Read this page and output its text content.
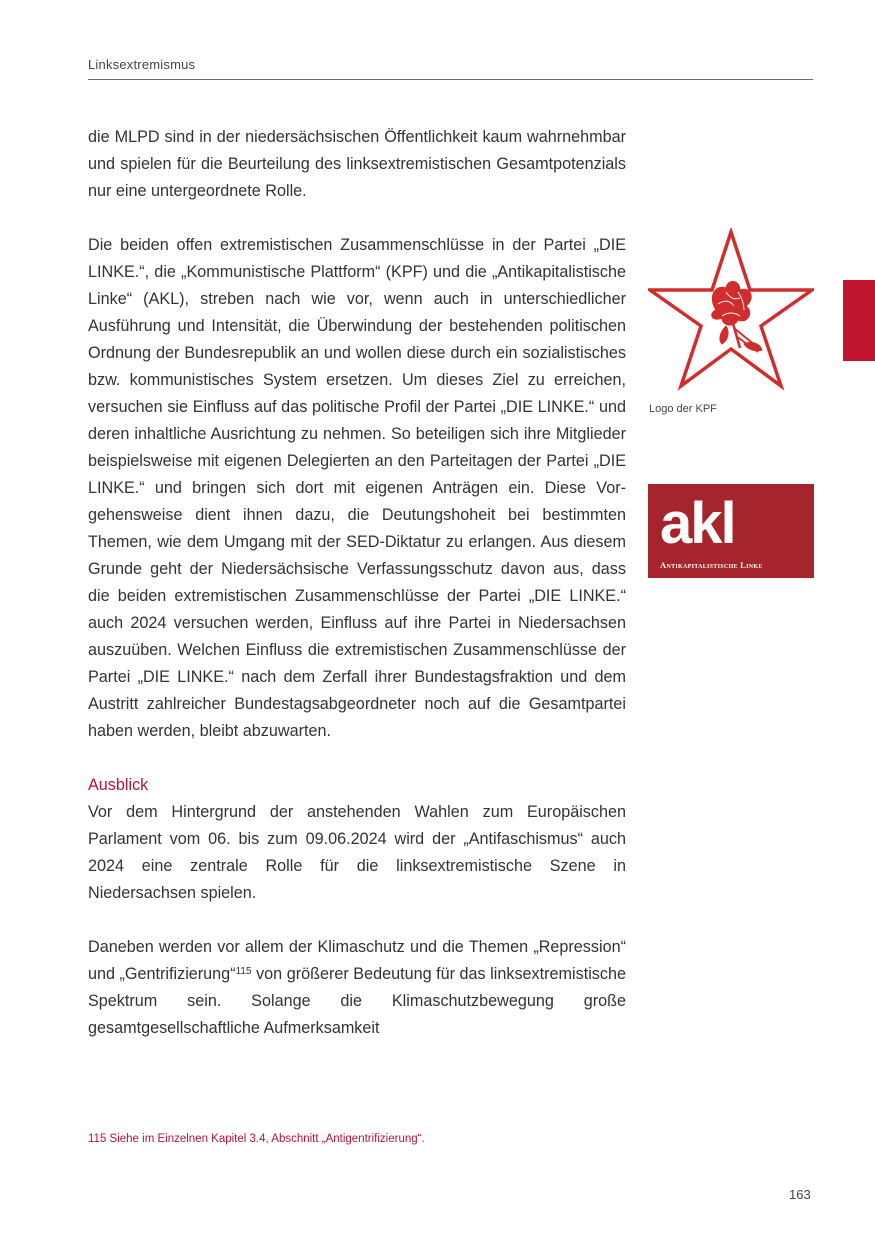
Linksextremismus

die MLPD sind in der niedersächsischen Öffentlichkeit kaum wahrnehmbar und spielen für die Beurteilung des linksextremistischen Gesamtpotenzials nur eine untergeordnete Rolle.

Die beiden offen extremistischen Zusammenschlüsse in der Partei „DIE LINKE.“, die „Kommunistische Plattform“ (KPF) und die „Antikapitalistische Linke“ (AKL), streben nach wie vor, wenn auch in unterschiedlicher Ausführung und Intensität, die Überwindung der bestehenden politischen Ordnung der Bundesrepublik an und wollen diese durch ein sozialistisches bzw. kommunistisches System ersetzen. Um dieses Ziel zu erreichen, versuchen sie Einfluss auf das politische Profil der Partei „DIE LINKE.“ und deren inhaltliche Ausrichtung zu nehmen. So beteiligen sich ihre Mitglieder beispielsweise mit eigenen Delegierten an den Parteitagen der Partei „DIE LINKE.“ und bringen sich dort mit eigenen Anträgen ein. Diese Vorgehensweise dient ihnen dazu, die Deutungshoheit bei bestimmten Themen, wie dem Umgang mit der SED-Diktatur zu erlangen. Aus diesem Grunde geht der Niedersächsische Verfassungsschutz davon aus, dass die beiden extremistischen Zusammenschlüsse der Partei „DIE LINKE.“ auch 2024 versuchen werden, Einfluss auf ihre Partei in Niedersachsen auszuüben. Welchen Einfluss die extremistischen Zusammenschlüsse der Partei „DIE LINKE.“ nach dem Zerfall ihrer Bundestagsfraktion und dem Austritt zahlreicher Bundestagsabgeordneter noch auf die Gesamtpartei haben werden, bleibt abzuwarten.

Ausblick

Vor dem Hintergrund der anstehenden Wahlen zum Europäischen Parlament vom 06. bis zum 09.06.2024 wird der „Antifaschismus“ auch 2024 eine zentrale Rolle für die linksextremistische Szene in Niedersachsen spielen.

Daneben werden vor allem der Klimaschutz und die Themen „Repression“ und „Gentrifizierung“$^{115}$ von größerer Bedeutung für das linksextremistische Spektrum sein. Solange die Klimaschutzbewegung große gesamtgesellschaftliche Aufmerksamkeit

Logo der KPF
akl
Antikapitalistische Linke
115 Siehe im Einzelnen Kapitel 3.4, Abschnitt „Antigentrifizierung“.
163
